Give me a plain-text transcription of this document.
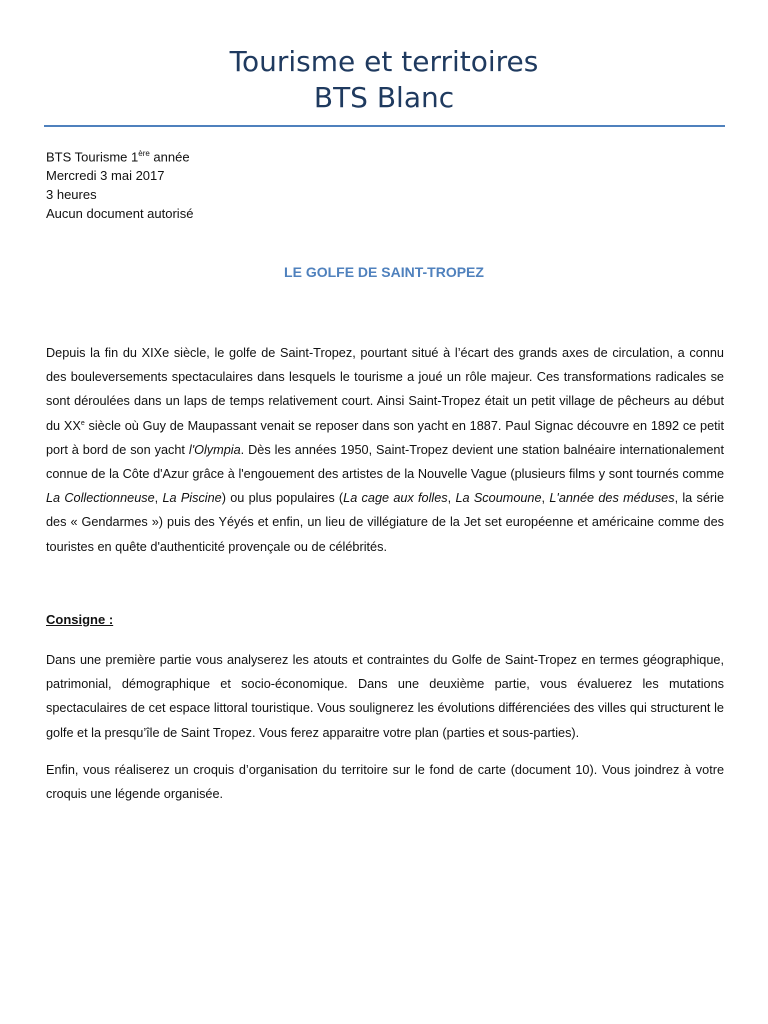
Tourisme et territoires
BTS Blanc
BTS Tourisme 1ère année
Mercredi 3 mai 2017
3 heures
Aucun document autorisé
LE GOLFE DE SAINT-TROPEZ
Depuis la fin du XIXe siècle, le golfe de Saint-Tropez, pourtant situé à l’écart des grands axes de circulation, a connu des bouleversements spectaculaires dans lesquels le tourisme a joué un rôle majeur. Ces transformations radicales se sont déroulées dans un laps de temps relativement court. Ainsi Saint-Tropez était un petit village de pêcheurs au début du XXe siècle où Guy de Maupassant venait se reposer dans son yacht en 1887. Paul Signac découvre en 1892 ce petit port à bord de son yacht l'Olympia. Dès les années 1950, Saint-Tropez devient une station balnéaire internationalement connue de la Côte d'Azur grâce à l'engouement des artistes de la Nouvelle Vague (plusieurs films y sont tournés comme La Collectionneuse, La Piscine) ou plus populaires (La cage aux folles, La Scoumoune, L'année des méduses, la série des « Gendarmes ») puis des Yéyés et enfin, un lieu de villégiature de la Jet set européenne et américaine comme des touristes en quête d'authenticité provençale ou de célébrités.
Consigne :
Dans une première partie vous analyserez les atouts et contraintes du Golfe de Saint-Tropez en termes géographique, patrimonial, démographique et socio-économique. Dans une deuxième partie, vous évaluerez les mutations spectaculaires de cet espace littoral touristique. Vous soulignerez les évolutions différenciées des villes qui structurent le golfe et la presqu’île de Saint Tropez. Vous ferez apparaitre votre plan (parties et sous-parties).
Enfin, vous réaliserez un croquis d’organisation du territoire sur le fond de carte (document 10). Vous joindrez à votre croquis une légende organisée.
